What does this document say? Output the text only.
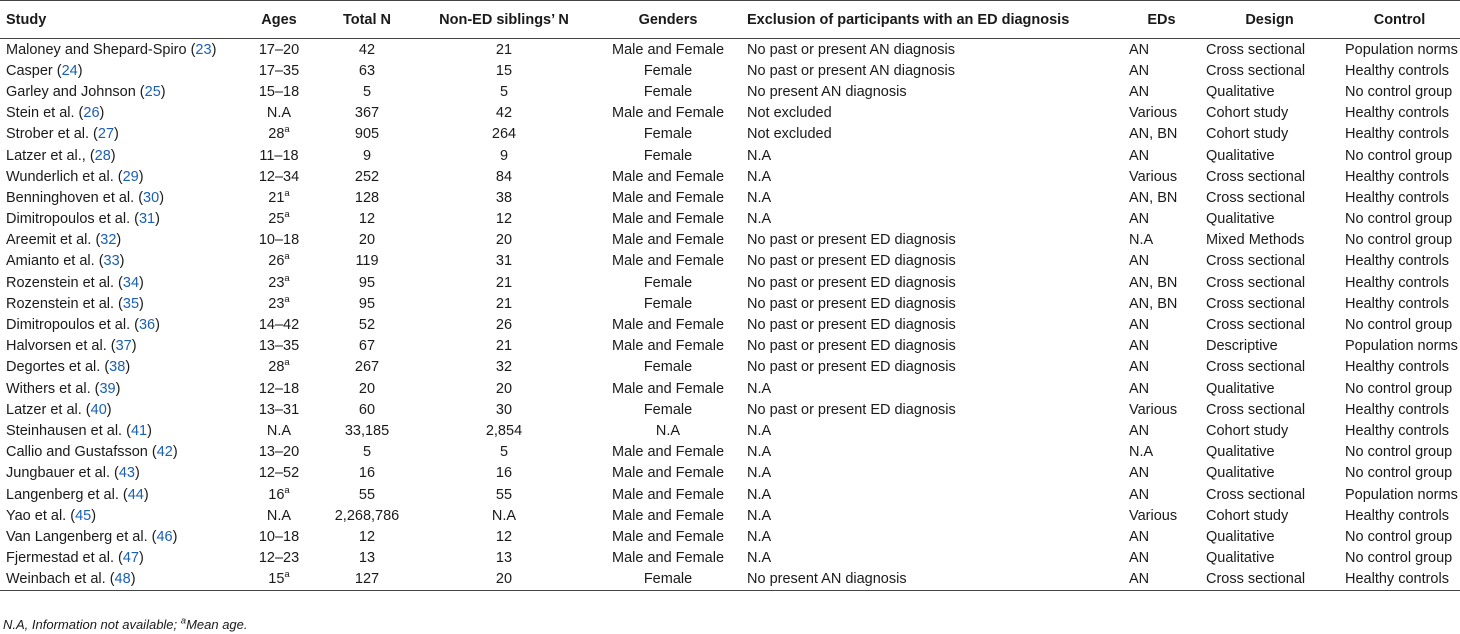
Study	Ages	Total N	Non-ED siblings’ N	Genders	Exclusion of participants with an ED diagnosis	EDs	Design	Control
Maloney and Shepard-Spiro (23)	17–20	42	21	Male and Female	No past or present AN diagnosis	AN	Cross sectional	Population norms
Casper (24)	17–35	63	15	Female	No past or present AN diagnosis	AN	Cross sectional	Healthy controls
Garley and Johnson (25)	15–18	5	5	Female	No present AN diagnosis	AN	Qualitative	No control group
Stein et al. (26)	N.A	367	42	Male and Female	Not excluded	Various	Cohort study	Healthy controls
Strober et al. (27)	28$^a$	905	264	Female	Not excluded	AN, BN	Cohort study	Healthy controls
Latzer et al., (28)	11–18	9	9	Female	N.A	AN	Qualitative	No control group
Wunderlich et al. (29)	12–34	252	84	Male and Female	N.A	Various	Cross sectional	Healthy controls
Benninghoven et al. (30)	21$^a$	128	38	Male and Female	N.A	AN, BN	Cross sectional	Healthy controls
Dimitropoulos et al. (31)	25$^a$	12	12	Male and Female	N.A	AN	Qualitative	No control group
Areemit et al. (32)	10–18	20	20	Male and Female	No past or present ED diagnosis	N.A	Mixed Methods	No control group
Amianto et al. (33)	26$^a$	119	31	Male and Female	No past or present ED diagnosis	AN	Cross sectional	Healthy controls
Rozenstein et al. (34)	23$^a$	95	21	Female	No past or present ED diagnosis	AN, BN	Cross sectional	Healthy controls
Rozenstein et al. (35)	23$^a$	95	21	Female	No past or present ED diagnosis	AN, BN	Cross sectional	Healthy controls
Dimitropoulos et al. (36)	14–42	52	26	Male and Female	No past or present ED diagnosis	AN	Cross sectional	No control group
Halvorsen et al. (37)	13–35	67	21	Male and Female	No past or present ED diagnosis	AN	Descriptive	Population norms
Degortes et al. (38)	28$^a$	267	32	Female	No past or present ED diagnosis	AN	Cross sectional	Healthy controls
Withers et al. (39)	12–18	20	20	Male and Female	N.A	AN	Qualitative	No control group
Latzer et al. (40)	13–31	60	30	Female	No past or present ED diagnosis	Various	Cross sectional	Healthy controls
Steinhausen et al. (41)	N.A	33,185	2,854	N.A	N.A	AN	Cohort study	Healthy controls
Callio and Gustafsson (42)	13–20	5	5	Male and Female	N.A	N.A	Qualitative	No control group
Jungbauer et al. (43)	12–52	16	16	Male and Female	N.A	AN	Qualitative	No control group
Langenberg et al. (44)	16$^a$	55	55	Male and Female	N.A	AN	Cross sectional	Population norms
Yao et al. (45)	N.A	2,268,786	N.A	Male and Female	N.A	Various	Cohort study	Healthy controls
Van Langenberg et al. (46)	10–18	12	12	Male and Female	N.A	AN	Qualitative	No control group
Fjermestad et al. (47)	12–23	13	13	Male and Female	N.A	AN	Qualitative	No control group
Weinbach et al. (48)	15$^a$	127	20	Female	No present AN diagnosis	AN	Cross sectional	Healthy controls
N.A, Information not available; $^a$Mean age.
